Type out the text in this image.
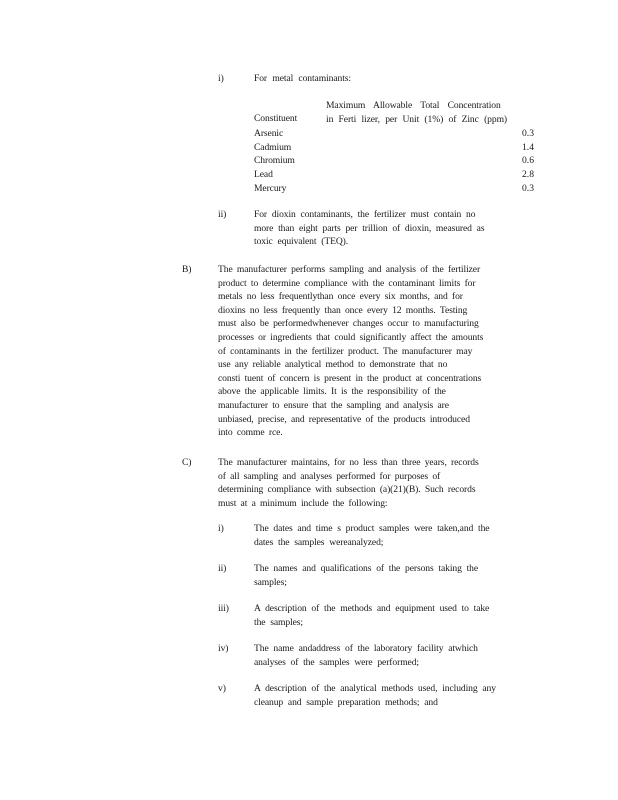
i)	For metal contaminants:
Maximum Allowable Total Concentration
Constituent	in Ferti lizer, per Unit (1%) of Zinc (ppm)
Arsenic	0.3
Cadmium	1.4
Chromium	0.6
Lead	2.8
Mercury	0.3
ii)	For dioxin contaminants, the fertilizer must contain no
more than eight parts per trillion of dioxin, measured as
toxic equivalent (TEQ).
B)	The manufacturer performs sampling and analysis of the fertilizer
product to determine compliance with the contaminant limits for
metals no less frequentlythan once every six months, and for
dioxins no less frequently than once every 12 months. Testing
must also be performedwhenever changes occur to manufacturing
processes or ingredients that could significantly affect the amounts
of contaminants in the fertilizer product. The manufacturer may
use any reliable analytical method to demonstrate that no
consti tuent of concern is present in the product at concentrations
above the applicable limits. It is the responsibility of the
manufacturer to ensure that the sampling and analysis are
unbiased, precise, and representative of the products introduced
into comme rce.
C)	The manufacturer maintains, for no less than three years, records
of all sampling and analyses performed for purposes of
determining compliance with subsection (a)(21)(B). Such records
must at a minimum include the following:
i)	The dates and time s product samples were taken,and the
dates the samples wereanalyzed;
ii)	The names and qualifications of the persons taking the
samples;
iii)	A description of the methods and equipment used to take
the samples;
iv)	The name andaddress of the laboratory facility atwhich
analyses of the samples were performed;
v)	A description of the analytical methods used, including any
cleanup and sample preparation methods; and
